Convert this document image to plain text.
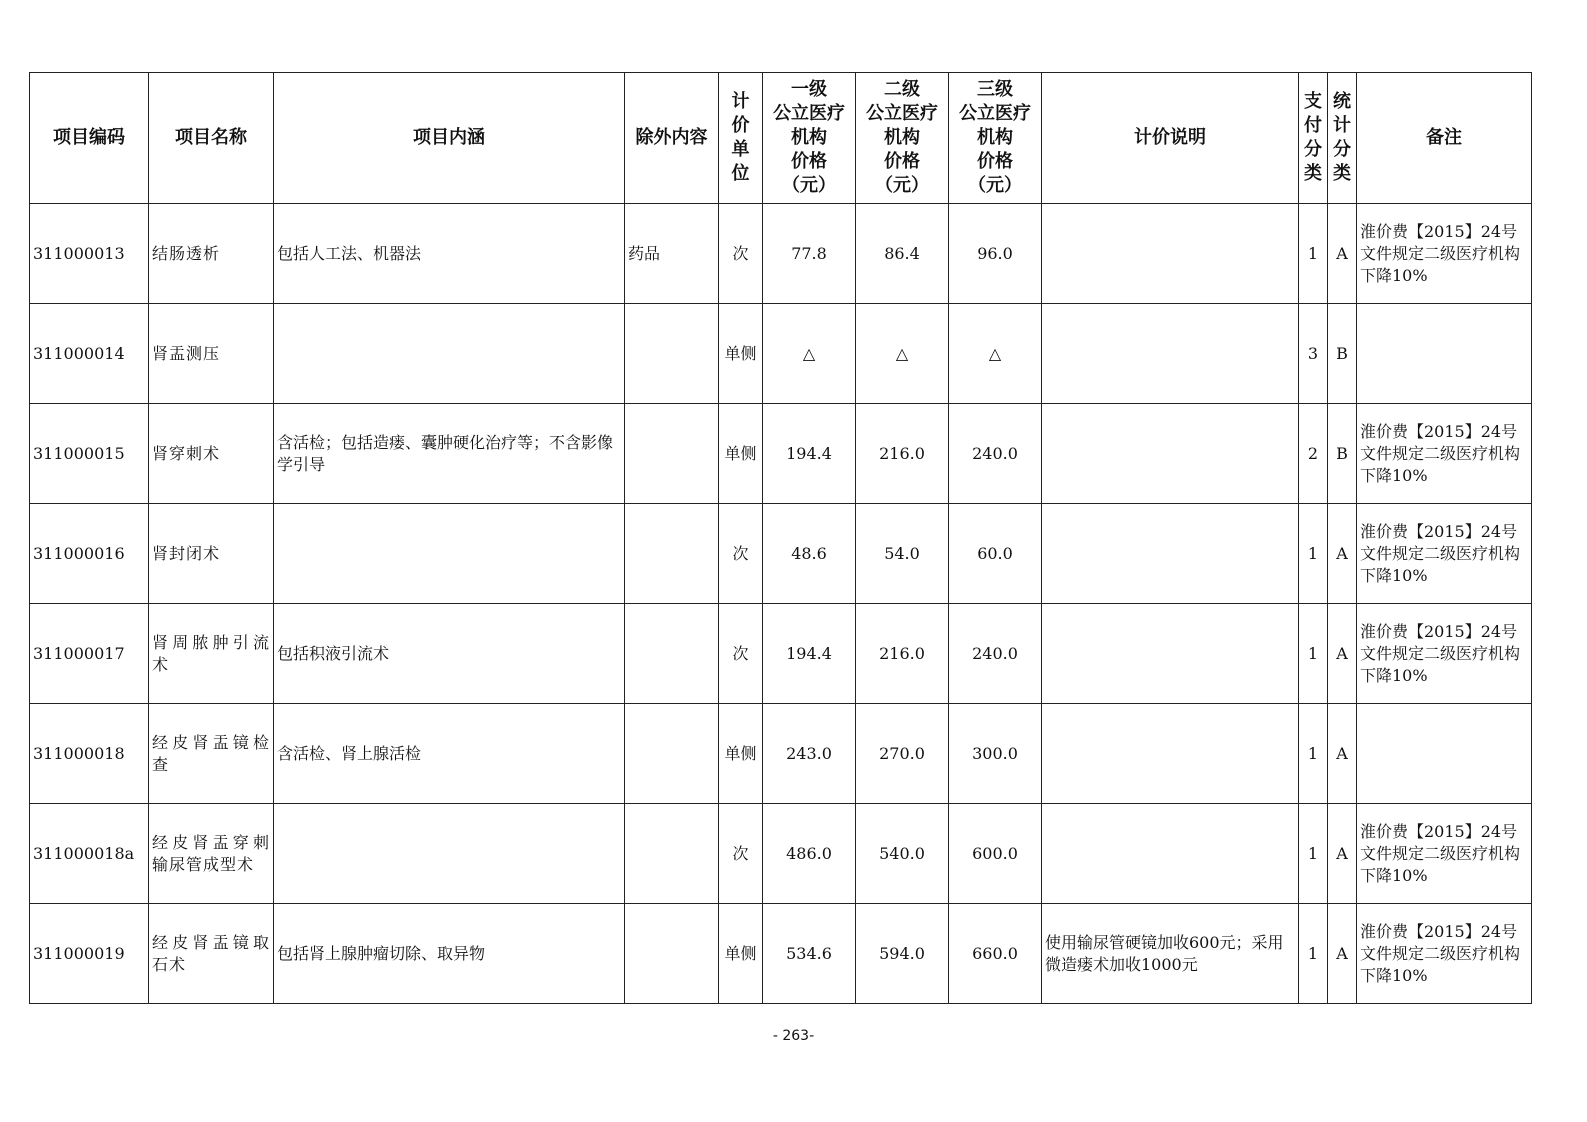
项目编码	项目名称	项目内涵	除外内容	计
价
单
位	一级
公立医疗
机构
价格
（元）	二级
公立医疗
机构
价格
（元）	三级
公立医疗
机构
价格
（元）	计价说明	支
付
分
类	统
计
分
类	备注
311000013	结肠透析	包括人工法、机器法	药品	次	77.8	86.4	96.0		1	A	淮价费【2015】24号文件规定二级医疗机构下降10%
311000014	肾盂测压			单侧	△	△	△		3	B	
311000015	肾穿刺术	含活检；包括造瘘、囊肿硬化治疗等；不含影像学引导		单侧	194.4	216.0	240.0		2	B	淮价费【2015】24号文件规定二级医疗机构下降10%
311000016	肾封闭术			次	48.6	54.0	60.0		1	A	淮价费【2015】24号文件规定二级医疗机构下降10%
311000017	肾周脓肿引流术	包括积液引流术		次	194.4	216.0	240.0		1	A	淮价费【2015】24号文件规定二级医疗机构下降10%
311000018	经皮肾盂镜检查	含活检、肾上腺活检		单侧	243.0	270.0	300.0		1	A	
311000018a	经皮肾盂穿刺输尿管成型术			次	486.0	540.0	600.0		1	A	淮价费【2015】24号文件规定二级医疗机构下降10%
311000019	经皮肾盂镜取石术	包括肾上腺肿瘤切除、取异物		单侧	534.6	594.0	660.0	使用输尿管硬镜加收600元；采用微造瘘术加收1000元	1	A	淮价费【2015】24号文件规定二级医疗机构下降10%
- 263-
